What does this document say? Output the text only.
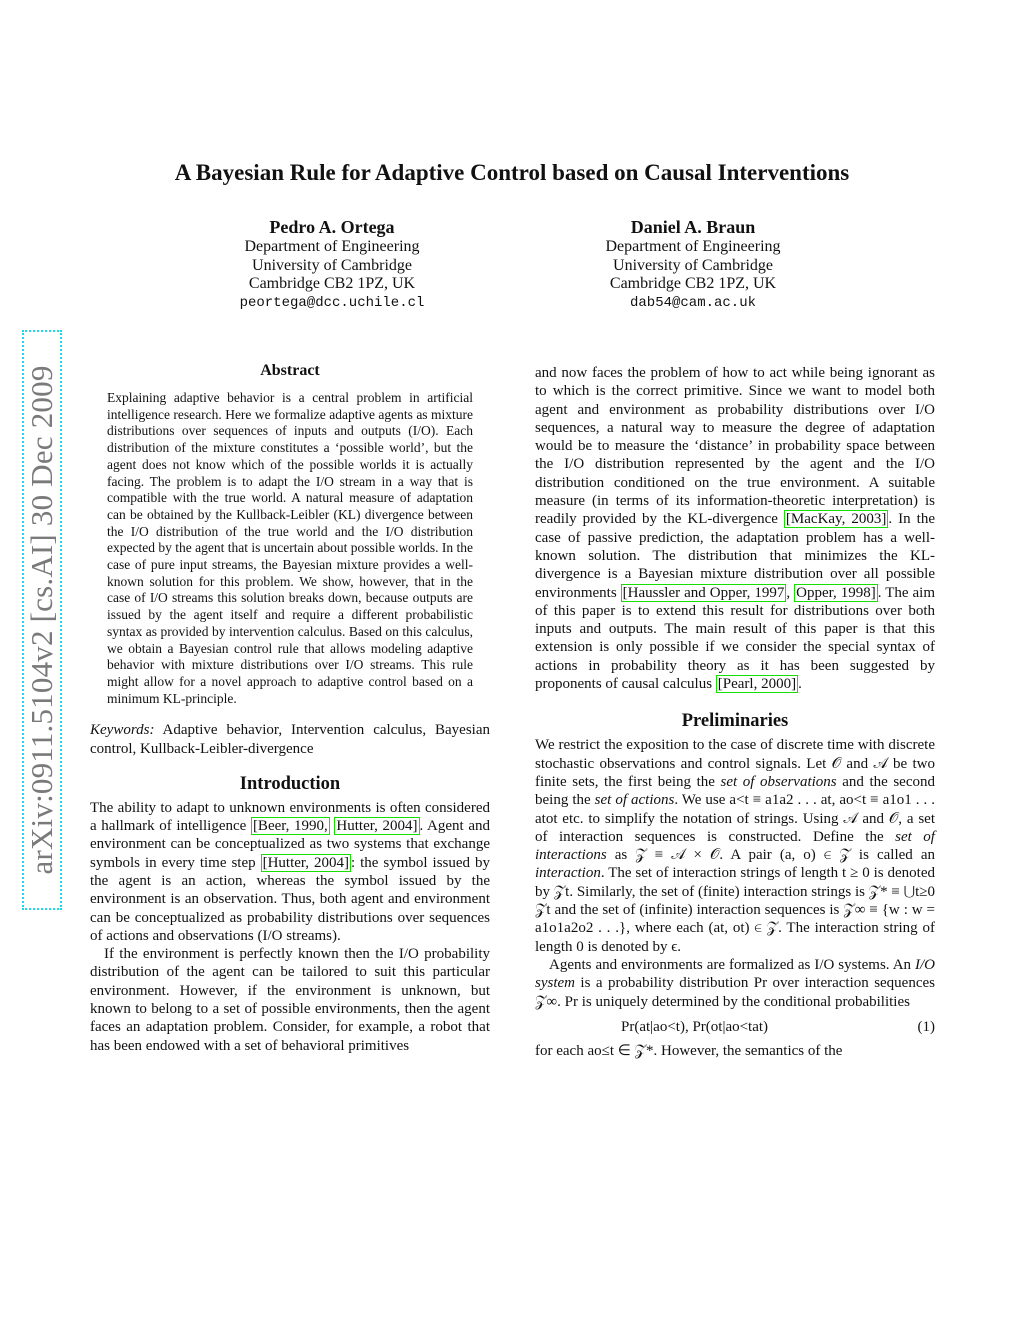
arXiv:0911.5104v2 [cs.AI] 30 Dec 2009
A Bayesian Rule for Adaptive Control based on Causal Interventions
Pedro A. Ortega
Department of Engineering
University of Cambridge
Cambridge CB2 1PZ, UK
peortega@dcc.uchile.cl
Daniel A. Braun
Department of Engineering
University of Cambridge
Cambridge CB2 1PZ, UK
dab54@cam.ac.uk
Abstract

Explaining adaptive behavior is a central problem in artificial intelligence research. Here we formalize adaptive agents as mixture distributions over sequences of inputs and outputs (I/O). Each distribution of the mixture constitutes a ‘possible world’, but the agent does not know which of the possible worlds it is actually facing. The problem is to adapt the I/O stream in a way that is compatible with the true world. A natural measure of adaptation can be obtained by the Kullback-Leibler (KL) divergence between the I/O distribution of the true world and the I/O distribution expected by the agent that is uncertain about possible worlds. In the case of pure input streams, the Bayesian mixture provides a well-known solution for this problem. We show, however, that in the case of I/O streams this solution breaks down, because outputs are issued by the agent itself and require a different probabilistic syntax as provided by intervention calculus. Based on this calculus, we obtain a Bayesian control rule that allows modeling adaptive behavior with mixture distributions over I/O streams. This rule might allow for a novel approach to adaptive control based on a minimum KL-principle.

Keywords: Adaptive behavior, Intervention calculus, Bayesian control, Kullback-Leibler-divergence

Introduction

The ability to adapt to unknown environments is often considered a hallmark of intelligence [Beer, 1990, Hutter, 2004] . Agent and environment can be conceptualized as two systems that exchange symbols in every time step [Hutter, 2004] : the symbol issued by the agent is an action, whereas the symbol issued by the environment is an observation. Thus, both agent and environment can be conceptualized as probability distributions over sequences of actions and observations (I/O streams).

If the environment is perfectly known then the I/O probability distribution of the agent can be tailored to suit this particular environment. However, if the environment is unknown, but known to belong to a set of possible environments, then the agent faces an adaptation problem. Consider, for example, a robot that has been endowed with a set of behavioral primitives

and now faces the problem of how to act while being ignorant as to which is the correct primitive. Since we want to model both agent and environment as probability distributions over I/O sequences, a natural way to measure the degree of adaptation would be to measure the ‘distance’ in probability space between the I/O distribution represented by the agent and the I/O distribution conditioned on the true environment. A suitable measure (in terms of its information-theoretic interpretation) is readily provided by the KL-divergence [MacKay, 2003] . In the case of passive prediction, the adaptation problem has a well-known solution. The distribution that minimizes the KL-divergence is a Bayesian mixture distribution over all possible environments [Haussler and Opper, 1997 , Opper, 1998] . The aim of this paper is to extend this result for distributions over both inputs and outputs. The main result of this paper is that this extension is only possible if we consider the special syntax of actions in probability theory as it has been suggested by proponents of causal calculus [Pearl, 2000] .

Preliminaries

We restrict the exposition to the case of discrete time with discrete stochastic observations and control signals. Let 𝒪 and 𝒜 be two finite sets, the first being the set of observations and the second being the set of actions. We use a<t ≡ a1a2 . . . at, ao<t ≡ a1o1 . . . atot etc. to simplify the notation of strings. Using 𝒜 and 𝒪, a set of interaction sequences is constructed. Define the set of interactions as 𝒵 ≡ 𝒜 × 𝒪. A pair (a, o) ∈ 𝒵 is called an interaction. The set of interaction strings of length t ≥ 0 is denoted by 𝒵t. Similarly, the set of (finite) interaction strings is 𝒵* ≡ ⋃t≥0 𝒵t and the set of (infinite) interaction sequences is 𝒵∞ ≡ {w : w = a1o1a2o2 . . .}, where each (at, ot) ∈ 𝒵. The interaction string of length 0 is denoted by ϵ.

Agents and environments are formalized as I/O systems. An I/O system is a probability distribution Pr over interaction sequences 𝒵∞. Pr is uniquely determined by the conditional probabilities

Pr(at|ao<t), Pr(ot|ao<tat)	(1)

for each ao≤t ∈ 𝒵*. However, the semantics of the
